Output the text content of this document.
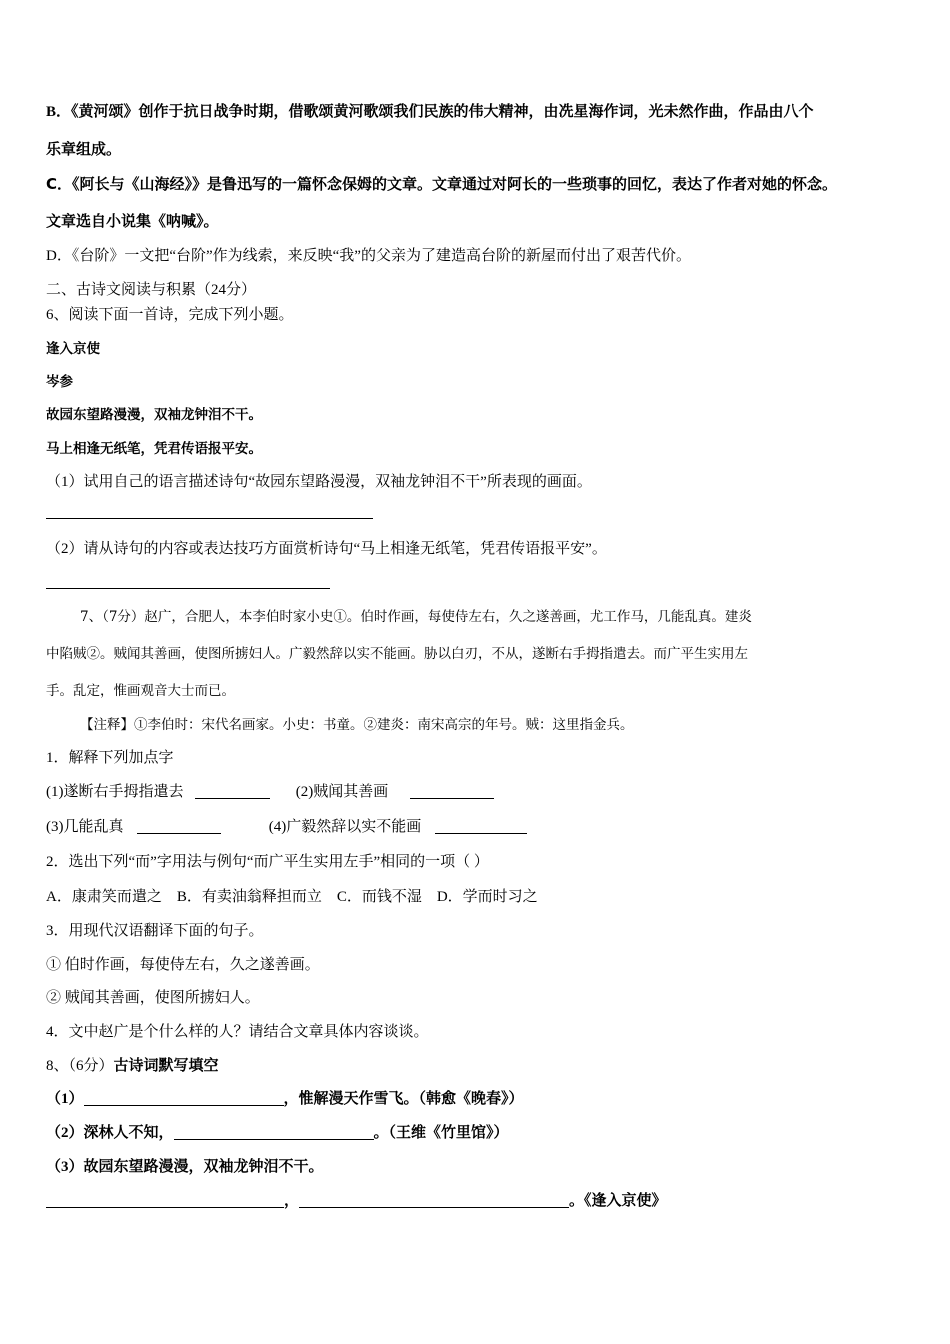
B．《黄河颂》创作于抗日战争时期，借歌颂黄河歌颂我们民族的伟大精神，由冼星海作词，光未然作曲，作品由八个
乐章组成。
C．《阿长与《山海经》》是鲁迅写的一篇怀念保姆的文章。文章通过对阿长的一些琐事的回忆，表达了作者对她的怀念。
文章选自小说集《呐喊》。
D．《台阶》一文把“台阶”作为线索，来反映“我”的父亲为了建造高台阶的新屋而付出了艰苦代价。
二、古诗文阅读与积累（24分）
6、阅读下面一首诗，完成下列小题。
逢入京使
岑参
故园东望路漫漫，双袖龙钟泪不干。
马上相逢无纸笔，凭君传语报平安。
（1）试用自己的语言描述诗句“故园东望路漫漫，双袖龙钟泪不干”所表现的画面。
（2）请从诗句的内容或表达技巧方面赏析诗句“马上相逢无纸笔，凭君传语报平安”。
7、（7分）赵广，合肥人，本李伯时家小史①。伯时作画，每使侍左右，久之遂善画，尤工作马，几能乱真。建炎
中陷贼②。贼闻其善画，使图所掳妇人。广毅然辞以实不能画。胁以白刃，不从，遂断右手拇指遣去。而广平生实用左
手。乱定，惟画观音大士而已。
【注释】①李伯时：宋代名画家。小史：书童。②建炎：南宋高宗的年号。贼：这里指金兵。
1．解释下列加点字
(1)遂断右手拇指遣去	(2)贼闻其善画
(3)几能乱真	(4)广毅然辞以实不能画
2．选出下列“而”字用法与例句“而广平生实用左手”相同的一项（ ）
A．康肃笑而遣之    B．有卖油翁释担而立    C．而钱不湿    D．学而时习之
3．用现代汉语翻译下面的句子。
① 伯时作画，每使侍左右，久之遂善画。
② 贼闻其善画，使图所掳妇人。
4．文中赵广是个什么样的人？请结合文章具体内容谈谈。
8、（6分）古诗词默写填空
（1）	，惟解漫天作雪飞。（韩愈《晚春》）
（2）深林人不知，	。（王维《竹里馆》）
（3）故园东望路漫漫，双袖龙钟泪不干。
，	。《逢入京使》
